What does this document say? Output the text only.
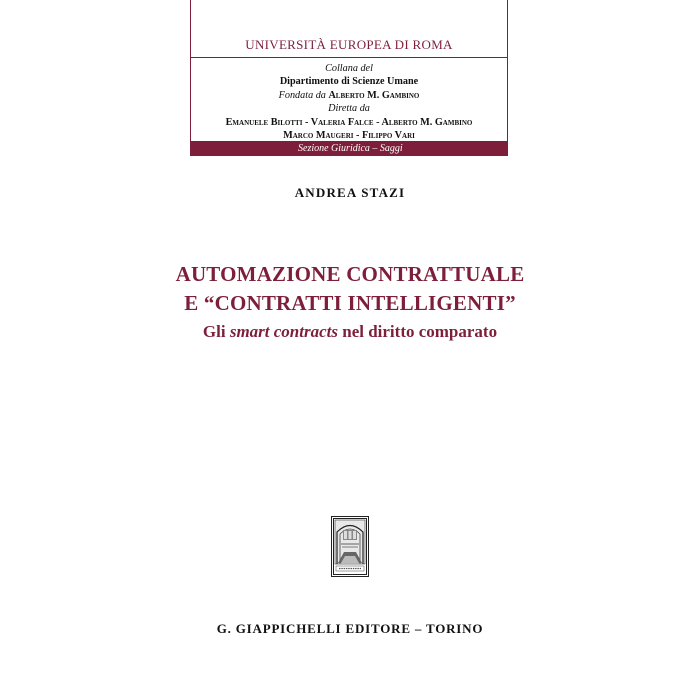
UNIVERSITÀ EUROPEA DI ROMA
Collana del
Dipartimento di Scienze Umane
Fondata da Alberto M. Gambino
Diretta da
Emanuele Bilotti - Valeria Falce - Alberto M. Gambino
Marco Maugeri - Filippo Vari
Sezione Giuridica – Saggi
ANDREA STAZI
AUTOMAZIONE CONTRATTUALE
E “CONTRATTI INTELLIGENTI”
Gli smart contracts nel diritto comparato
G. GIAPPICHELLI EDITORE – TORINO
